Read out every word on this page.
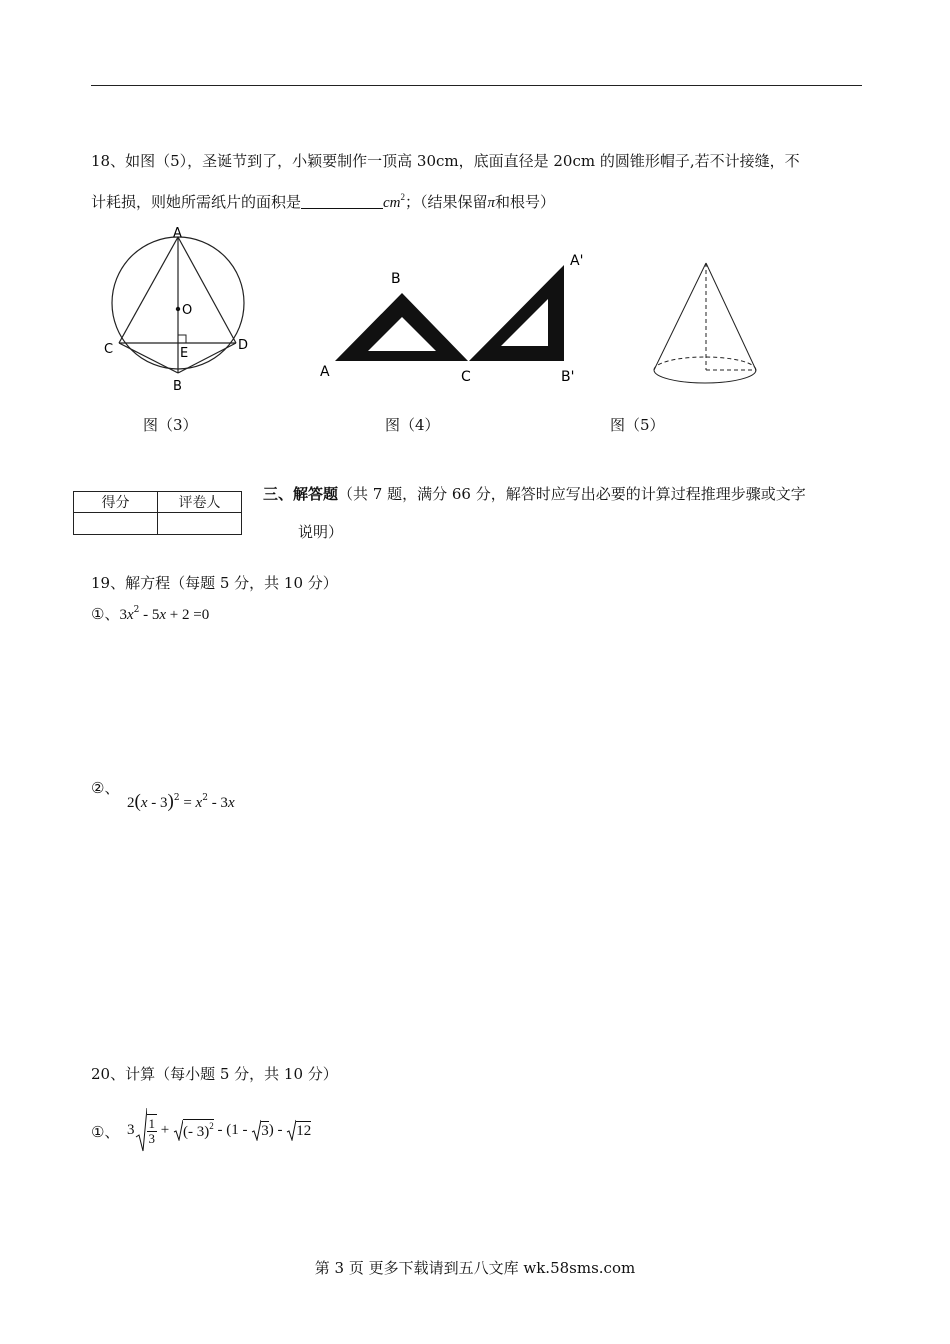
18、如图（5），圣诞节到了，小颖要制作一顶高 30cm，底面直径是 20cm 的圆锥形帽子,若不计接缝，不
计耗损，则她所需纸片的面积是	$cm^2$；（结果保留π和根号）
A
O
C	E
D
B
B
A	C
A'
B'
图（3）	图（4）	图（5）
得分	评卷人
		三、解答题（共 7 题，满分 66 分，解答时应写出必要的计算过程推理步骤或文字
说明）
19、解方程（每题 5 分，共 10 分）
①、$3x^2 - 5x + 2 =0$
②、
$2(x - 3)^2 = x^2 - 3x$
20、计算（每小题 5 分，共 10 分）
①、 $3 \frac{1}{3}$ + (- 3)$^2$ - (1 - 3 ) - 12
第 3 页 更多下载请到五八文库 wk.58sms.com
